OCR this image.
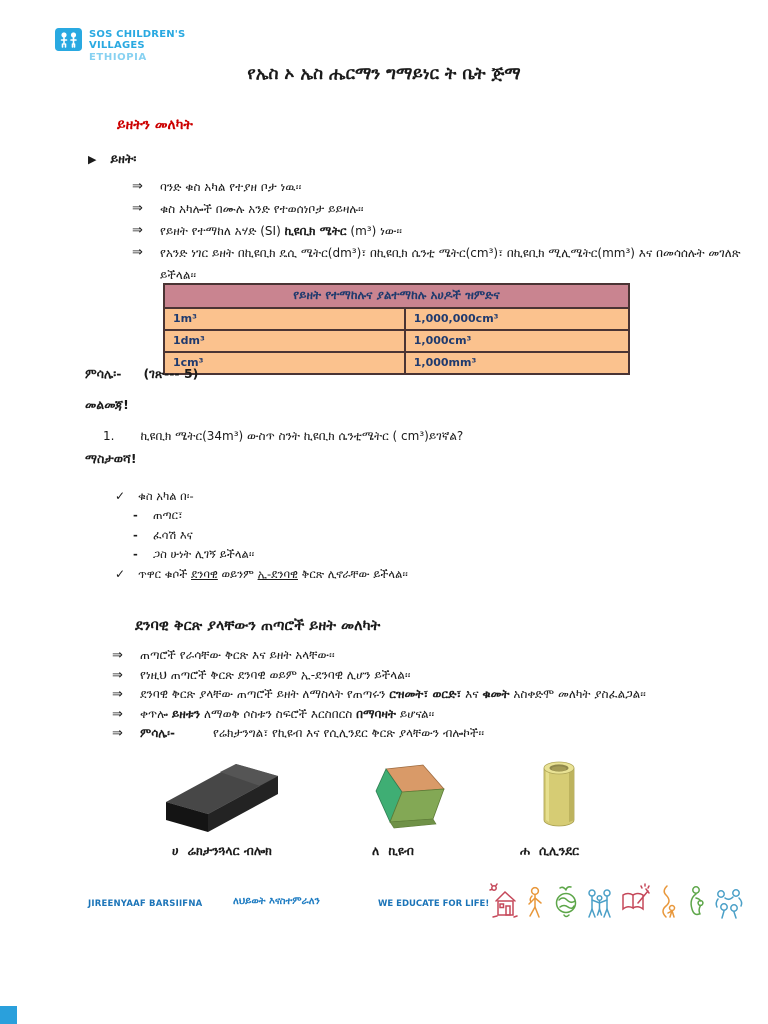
SOS CHILDREN'S
VILLAGES
ETHIOPIA
የኤስ ኦ ኤስ ሔርማን ግማይነር ት ቤት ጅማ
ይዘትን መለካት
▶ ይዘት፡
⇒	ባንድ ቁስ አካል የተያዘ ቦታ ነዉ፡፡
⇒	ቁስ አካሎች በሙሉ አንድ የተወሰነቦታ ይይዛሉ፡፡
⇒	የይዘት የተማከለ አሃድ (SI) ኪዩቢክ ሜትር (m³) ነው፡፡
⇒	የአንድ ነገር ይዘት በኪዩቢክ ዴሲ ሜትር(dm³)፣ በኪዩቢክ ሴንቲ ሜትር(cm³)፣ በኪዩቢክ ሚሊሜትር(mm³) እና በመሳሰሉት መገለጽ ይችላል፡፡
የይዘት የተማከሉና ያልተማከሉ አሀዶች ዝምድና
1m³	1,000,000cm³
1dm³	1,000cm³
1cm³	1,000mm³
ምሳሌ፡- (ገጽ--- 5)
መልመጃ!
1. ኪዩቢክ ሜትር(34m³) ውስጥ ስንት ኪዩቢክ ሴንቲሜትር ( cm³)ይገኛል?
ማስታወሻ!
✓	ቁስ አካል በ፡-
-	ጠጣር፣
-	ፈሳሽ እና
-	ጋስ ሁነት ሊገኝ ይችላል፡፡
✓	ጥዋር ቁሶች ደንባዊ ወይንም ኢ-ደንባዊ ቅርጽ ሊኖራቸው ይችላል፡፡
ደንባዊ ቅርጽ ያላቸውን ጠጣሮች ይዘት መለካት
⇒	ጠጣሮች የራሳቸው ቅርጽ እና ይዘት አላቸው፡፡
⇒	የነዚህ ጠጣሮች ቅርጽ ደንባዊ ወይም ኢ-ደንባዊ ሊሆን ይችላል፡፡
⇒	ደንባዊ ቅርጽ ያላቸው ጠጣሮች ይዘት ለማስላት የጠጣሩን ርዝመት፣ ወርድ፣ እና ቁመት አስቀድሞ መለካት ያስፈልጋል፡፡
⇒	ቀጥሎ ይዘቱን ለማወቅ ሶስቱን ስፍሮች እርስበርስ በማባዛት ይሆናል፡፡
⇒	ምሳሌ፡-	የሬክታንግል፣ የኪዩብ እና የሲሊንደር ቅርጽ ያላቸውን ብሎኮች፡፡
ሀ ሬክታንጓላር ብሎክ	ለ ኪዩብ	ሐ ሲሊንደር
JIREENYAAF BARSIIFNA	ለህይወት እናስተምራለን	WE EDUCATE FOR LIFE!
